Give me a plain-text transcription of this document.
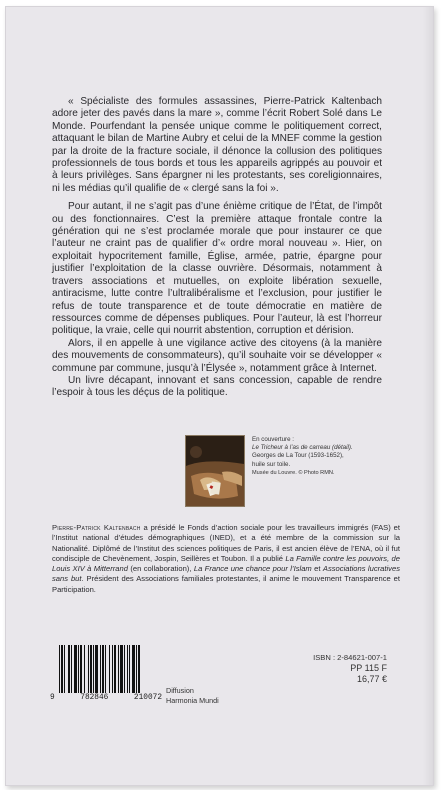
« Spécialiste des formules assassines, Pierre-Patrick Kaltenbach adore jeter des pavés dans la mare », comme l’écrit Robert Solé dans Le Monde. Pourfendant la pensée unique comme le politiquement correct, attaquant le bilan de Martine Aubry et celui de la MNEF comme la gestion par la droite de la fracture sociale, il dénonce la collusion des politiques professionnels de tous bords et tous les appareils agrippés au pouvoir et à leurs privilèges. Sans épargner ni les protestants, ses coreligionnaires, ni les médias qu’il qualifie de « clergé sans la foi ».

Pour autant, il ne s’agit pas d’une énième critique de l’État, de l’impôt ou des fonctionnaires. C’est la première attaque frontale contre la génération qui ne s’est proclamée morale que pour instaurer ce que l’auteur ne craint pas de qualifier d’« ordre moral nouveau ». Hier, on exploitait hypocritement famille, Église, armée, patrie, épargne pour justifier l’exploitation de la classe ouvrière. Désormais, notamment à travers associations et mutuelles, on exploite libération sexuelle, antiracisme, lutte contre l’ultralibéralisme et l’exclusion, pour justifier le refus de toute transparence et de toute démocratie en matière de ressources comme de dépenses publiques. Pour l’auteur, là est l’horreur politique, la vraie, celle qui nourrit abstention, corruption et dérision.

Alors, il en appelle à une vigilance active des citoyens (à la manière des mouvements de consommateurs), qu’il souhaite voir se développer « commune par commune, jusqu’à l’Élysée », notamment grâce à Internet.

Un livre décapant, innovant et sans concession, capable de rendre l’espoir à tous les déçus de la politique.

En couverture :
Le Tricheur à l’as de carreau (détail).
Georges de La Tour (1593-1652),
huile sur toile.
Musée du Louvre. © Photo RMN.
Pierre-Patrick Kaltenbach a présidé le Fonds d’action sociale pour les travailleurs immigrés (FAS) et l’Institut national d’études démographiques (INED), et a été membre de la commission sur la Nationalité. Diplômé de l’Institut des sciences politiques de Paris, il est ancien élève de l’ENA, où il fut condisciple de Chevènement, Jospin, Seillères et Toubon. Il a publié La Famille contre les pouvoirs, de Louis XIV à Mitterrand (en collaboration), La France une chance pour l’Islam et Associations lucratives sans but. Président des Associations familiales protestantes, il anime le mouvement Transparence et Participation.
9	782846	210072
Diffusion
Harmonia Mundi
ISBN : 2-84621-007-1
PP 115 F
16,77 €
